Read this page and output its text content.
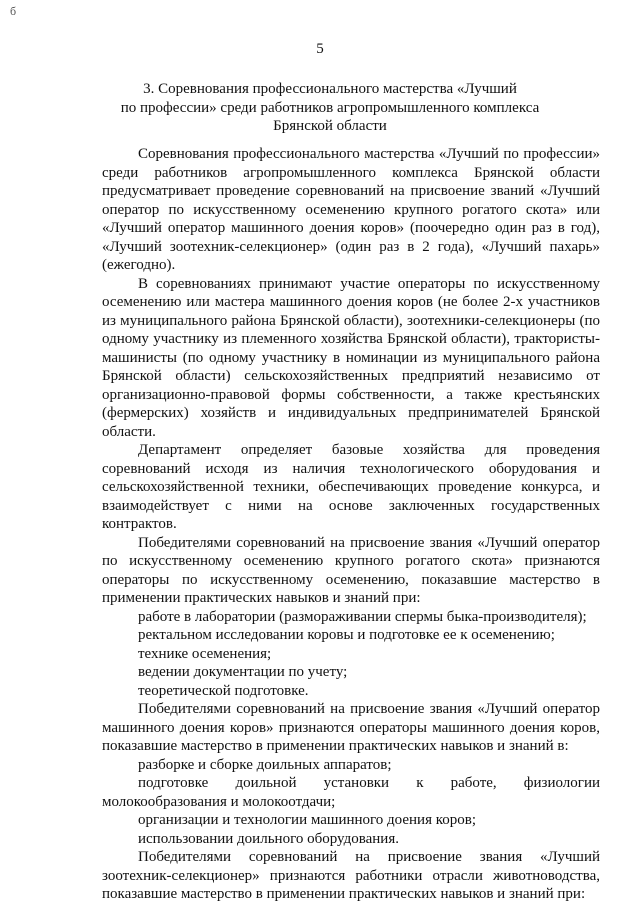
б
5
3. Соревнования профессионального мастерства «Лучший
по профессии» среди работников агропромышленного комплекса
Брянской области

Соревнования профессионального мастерства «Лучший по профессии» среди работников агропромышленного комплекса Брянской области предусматривает проведение соревнований на присвоение званий «Лучший оператор по искусственному осеменению крупного рогатого скота» или «Лучший оператор машинного доения коров» (поочередно один раз в год), «Лучший зоотехник-селекционер» (один раз в 2 года), «Лучший пахарь» (ежегодно).

В соревнованиях принимают участие операторы по искусственному осеменению или мастера машинного доения коров (не более 2-х участников из муниципального района Брянской области), зоотехники-селекционеры (по одному участнику из племенного хозяйства Брянской области), трактористы-машинисты (по одному участнику в номинации из муниципального района Брянской области) сельскохозяйственных предприятий независимо от организационно-правовой формы собственности, а также крестьянских (фермерских) хозяйств и индивидуальных предпринимателей Брянской области.

Департамент определяет базовые хозяйства для проведения соревнований исходя из наличия технологического оборудования и сельскохозяйственной техники, обеспечивающих проведение конкурса, и взаимодействует с ними на основе заключенных государственных контрактов.

Победителями соревнований на присвоение звания «Лучший оператор по искусственному осеменению крупного рогатого скота» признаются операторы по искусственному осеменению, показавшие мастерство в применении практических навыков и знаний при:

работе в лаборатории (размораживании спермы быка-производителя);

ректальном исследовании коровы и подготовке ее к осеменению;

технике осеменения;

ведении документации по учету;

теоретической подготовке.

Победителями соревнований на присвоение звания «Лучший оператор машинного доения коров» признаются операторы машинного доения коров, показавшие мастерство в применении практических навыков и знаний в:

разборке и сборке доильных аппаратов;

подготовке доильной установки к работе, физиологии молокообразования и молокоотдачи;

организации и технологии машинного доения коров;

использовании доильного оборудования.

Победителями соревнований на присвоение звания «Лучший зоотехник-селекционер» признаются работники отрасли животноводства, показавшие мастерство в применении практических навыков и знаний при:
